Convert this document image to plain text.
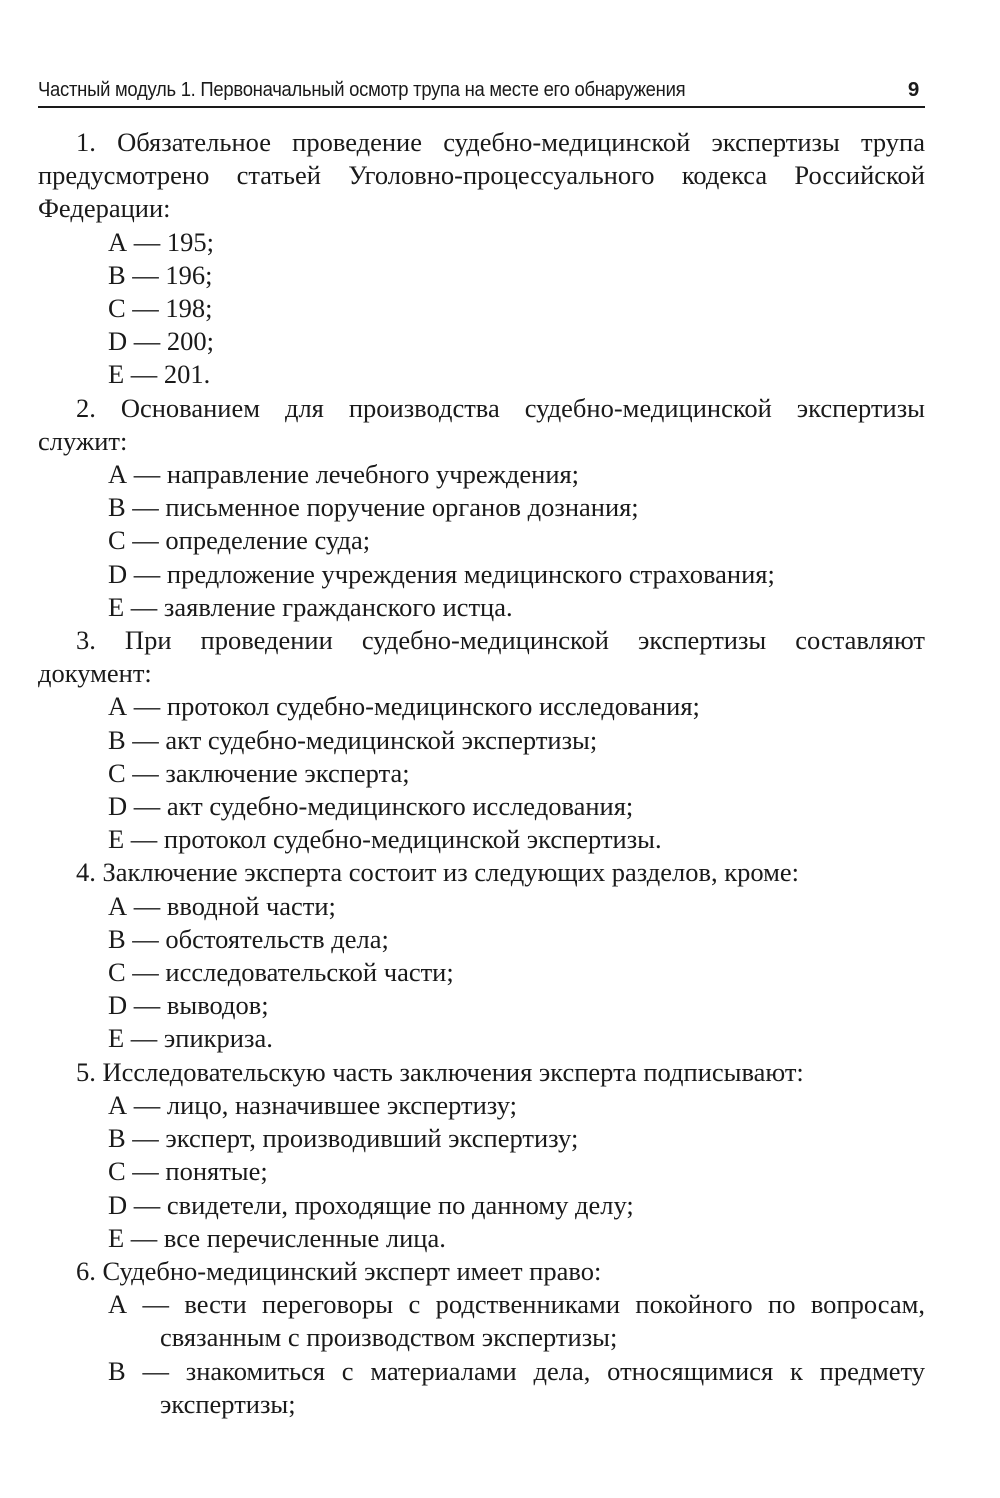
Частный модуль 1. Первоначальный осмотр трупа на месте его обнаружения	9

1. Обязательное проведение судебно-медицинской экспертизы трупа предусмотрено статьей Уголовно-процессуального кодекса Российской Федерации:

А — 195;

В — 196;

С — 198;

D — 200;

Е — 201.

2. Основанием для производства судебно-медицинской экспертизы служит:

А — направление лечебного учреждения;

В — письменное поручение органов дознания;

С — определение суда;

D — предложение учреждения медицинского страхования;

Е — заявление гражданского истца.

3. При проведении судебно-медицинской экспертизы составляют документ:

А — протокол судебно-медицинского исследования;

В — акт судебно-медицинской экспертизы;

С — заключение эксперта;

D — акт судебно-медицинского исследования;

Е — протокол судебно-медицинской экспертизы.

4. Заключение эксперта состоит из следующих разделов, кроме:

А — вводной части;

В — обстоятельств дела;

С — исследовательской части;

D — выводов;

Е — эпикриза.

5. Исследовательскую часть заключения эксперта подписывают:

А — лицо, назначившее экспертизу;

В — эксперт, производивший экспертизу;

С — понятые;

D — свидетели, проходящие по данному делу;

Е — все перечисленные лица.

6. Судебно-медицинский эксперт имеет право:

А — вести переговоры с родственниками покойного по вопросам, связанным с производством экспертизы;

В — знакомиться с материалами дела, относящимися к предмету экспертизы;
